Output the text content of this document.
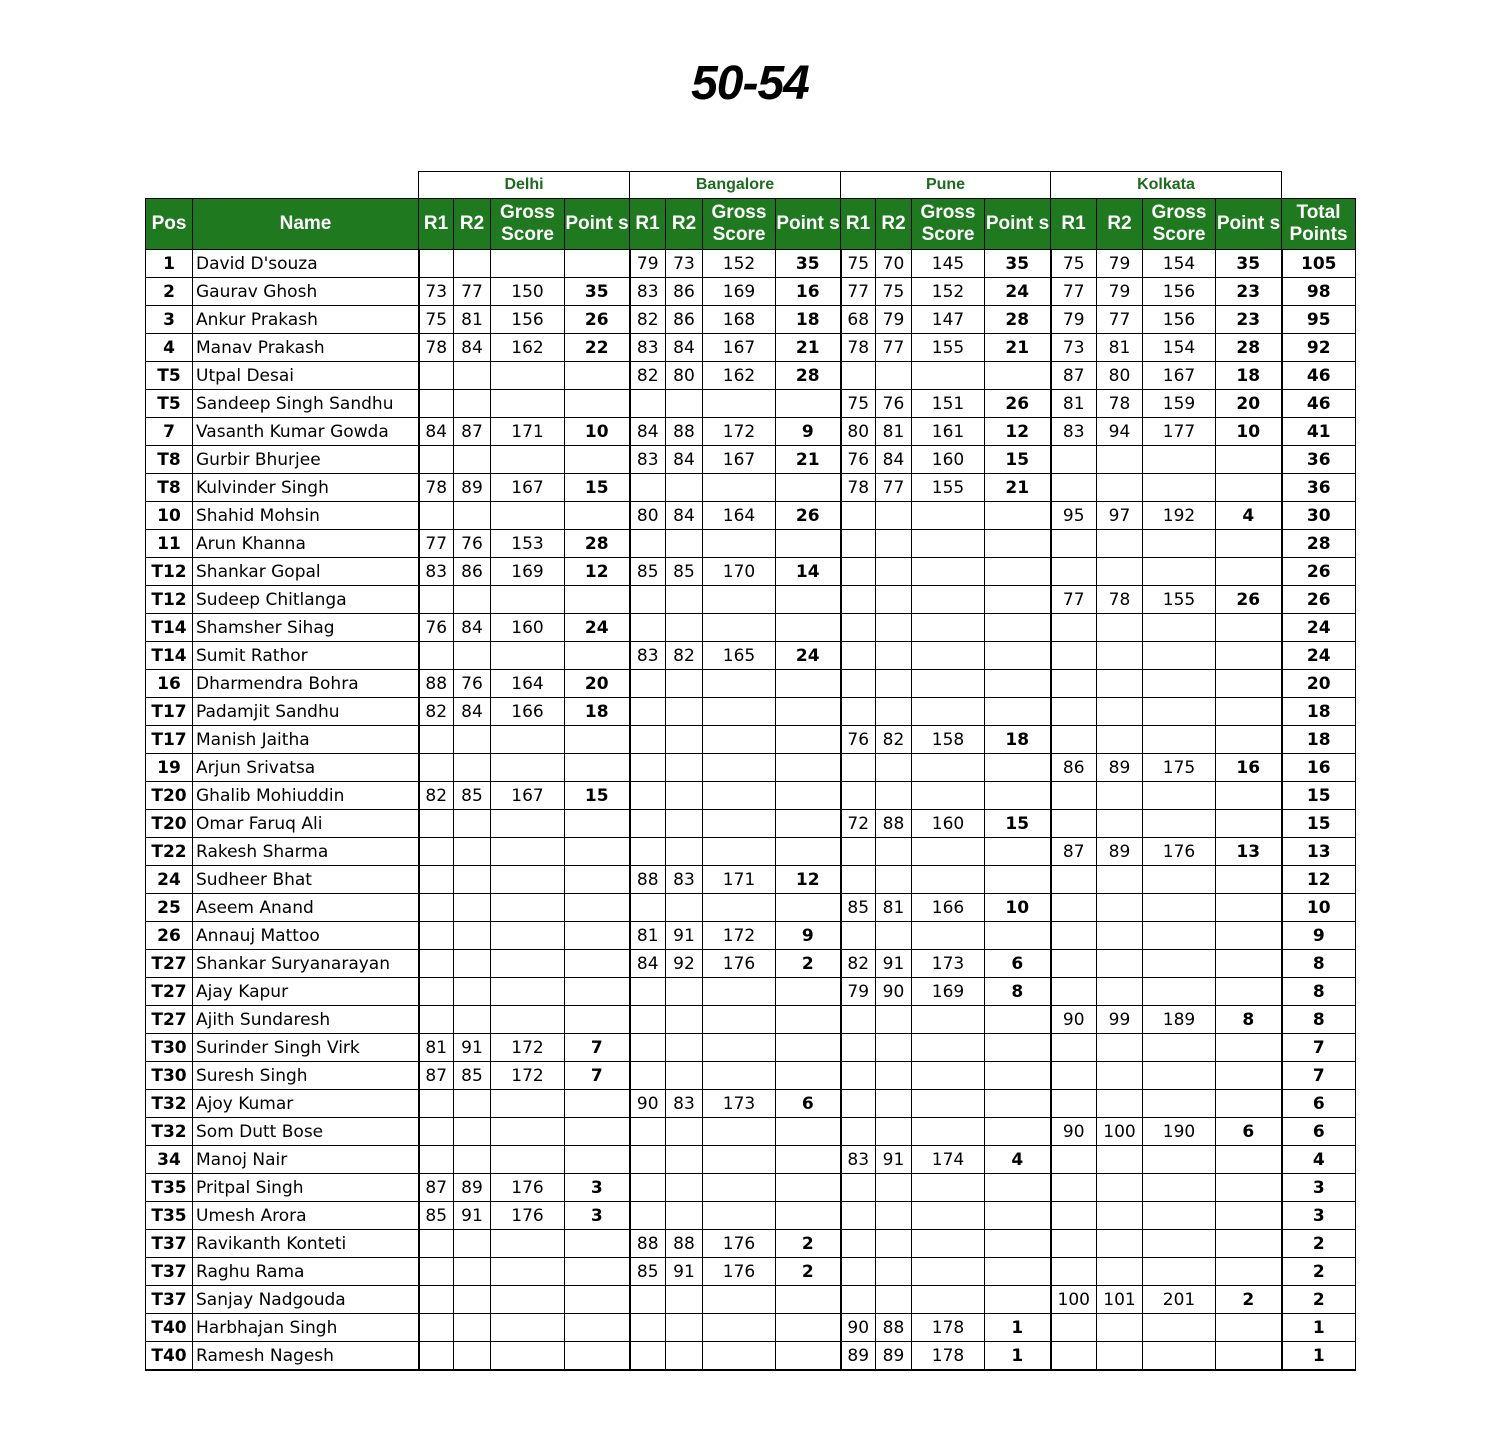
50-54
		Delhi				Bangalore				Pune				Kolkata				
Pos	Name	R1	R2	Gross Score	Point s	R1	R2	Gross Score	Point s	R1	R2	Gross Score	Point s	R1	R2	Gross Score	Point s	Total Points
1	David D'souza					79	73	152	35	75	70	145	35	75	79	154	35	105
2	Gaurav Ghosh	73	77	150	35	83	86	169	16	77	75	152	24	77	79	156	23	98
3	Ankur Prakash	75	81	156	26	82	86	168	18	68	79	147	28	79	77	156	23	95
4	Manav Prakash	78	84	162	22	83	84	167	21	78	77	155	21	73	81	154	28	92
T5	Utpal Desai					82	80	162	28					87	80	167	18	46
T5	Sandeep Singh Sandhu									75	76	151	26	81	78	159	20	46
7	Vasanth Kumar Gowda	84	87	171	10	84	88	172	9	80	81	161	12	83	94	177	10	41
T8	Gurbir Bhurjee					83	84	167	21	76	84	160	15					36
T8	Kulvinder Singh	78	89	167	15					78	77	155	21					36
10	Shahid Mohsin					80	84	164	26					95	97	192	4	30
11	Arun Khanna	77	76	153	28													28
T12	Shankar Gopal	83	86	169	12	85	85	170	14									26
T12	Sudeep Chitlanga													77	78	155	26	26
T14	Shamsher Sihag	76	84	160	24													24
T14	Sumit Rathor					83	82	165	24									24
16	Dharmendra Bohra	88	76	164	20													20
T17	Padamjit Sandhu	82	84	166	18													18
T17	Manish Jaitha									76	82	158	18					18
19	Arjun Srivatsa													86	89	175	16	16
T20	Ghalib Mohiuddin	82	85	167	15													15
T20	Omar Faruq Ali									72	88	160	15					15
T22	Rakesh Sharma													87	89	176	13	13
24	Sudheer Bhat					88	83	171	12									12
25	Aseem Anand									85	81	166	10					10
26	Annauj Mattoo					81	91	172	9									9
T27	Shankar Suryanarayan					84	92	176	2	82	91	173	6					8
T27	Ajay Kapur									79	90	169	8					8
T27	Ajith Sundaresh													90	99	189	8	8
T30	Surinder Singh Virk	81	91	172	7													7
T30	Suresh Singh	87	85	172	7													7
T32	Ajoy Kumar					90	83	173	6									6
T32	Som Dutt Bose													90	100	190	6	6
34	Manoj Nair									83	91	174	4					4
T35	Pritpal Singh	87	89	176	3													3
T35	Umesh Arora	85	91	176	3													3
T37	Ravikanth Konteti					88	88	176	2									2
T37	Raghu Rama					85	91	176	2									2
T37	Sanjay Nadgouda													100	101	201	2	2
T40	Harbhajan Singh									90	88	178	1					1
T40	Ramesh Nagesh									89	89	178	1					1
